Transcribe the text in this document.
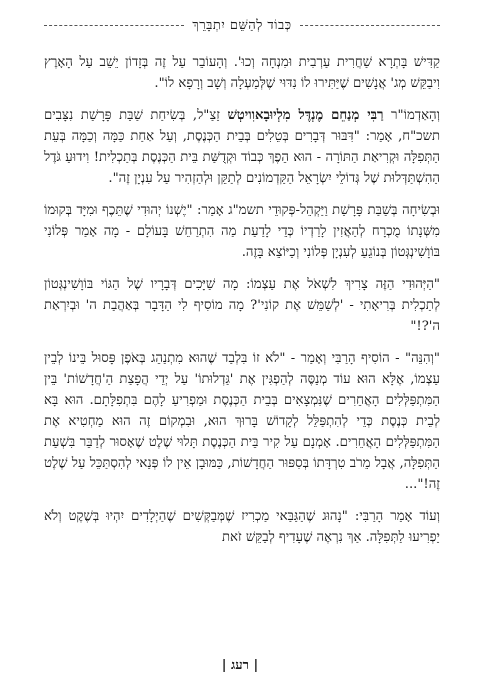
כְּבוֹד לְהַשֵּׁם יִתְבָּרֵךְ

קַדִּישׁ בָּתְרָא שַׁחֲרִית עַרְבִית וּמִנְחָה וְכוּ'. וְהָעוֹבֵר עַל זֶה בְּזָדוֹן יֵשֵׁב עַל הָאָרֶץ וִיבַקֵּשׁ מְג' אֲנָשִׁים שֶׁיַּתִּירוּ לוֹ נִדּוּי שֶׁלְּמַעְלָה וְשָׁב וְרָפָא לוֹ".

וְהָאַדְמוֹ"ר רַבִּי מְנַחֵם מֶנְדֶּל מִלְיוּבָאוִויטְשׁ זַצַ"ל, בְּשִׂיחַת שַׁבַּת פָּרָשַׁת נִצָּבִים תשכ"ח, אָמַר: "דִּבּוּר דְּבָרִים בְּטֵלִים בְּבֵית הַכְּנֶסֶת, וְעַל אַחַת כַּמָּה וְכַמָּה בְּעֵת הַתְּפִלָּה וּקְרִיאַת הַתּוֹרָה - הוּא הֵפֶךְ כְּבוֹד וּקְדֻשַּׁת בֵּית הַכְּנֶסֶת בְּתַכְלִית! וִידוּעַ גֹּדֶל הַהִשְׁתַּדְּלוּת שֶׁל גְּדוֹלֵי יִשְׂרָאֵל הַקַּדְמוֹנִים לְתַקֵּן וּלְהַזְהִיר עַל עִנְיָן זֶה".

וּבְשִׂיחָה בְּשַׁבַּת פָּרָשַׁת וַיַּקְהֵל-פְּקוּדֵי תשמ"ג אָמַר: "יֶשְׁנוֹ יְהוּדִי שֶׁתֵּכֶף וּמִיָּד בְּקוּמוֹ מִשְּׁנָתוֹ מֻכְרָח לְהַאֲזִין לָרַדְיוֹ כְּדֵי לָדַעַת מַה הִתְרַחֵשׁ בָּעוֹלָם - מָה אָמַר פְּלוֹנִי בּוֹוָשִׁינְגְּטוֹן בְּנוֹגֵעַ לְעִנְיָן פְּלוֹנִי וְכַיּוֹצֵא בָּזֶה.

"הַיְּהוּדִי הַזֶּה צָרִיךְ לִשְׁאֹל אֶת עַצְמוֹ: מָה שַׁיָּכִים דְּבָרָיו שֶׁל הַגּוֹי בּוֹוָשִׁינְגְּטוֹן לְתַכְלִית בְּרִיאָתִי - 'לְשַׁמֵּשׁ אֶת קוֹנִי'? מָה מוֹסִיף לִי הַדָּבָר בְּאַהֲבַת ה' וּבְיִרְאַת ה'?!"

"וְהִנֵּה" - הוֹסִיף הָרַבִּי וְאָמַר - "לֹא זוֹ בִּלְבַד שֶׁהוּא מִתְנַהֵג בְּאֹפֶן פָּסוּל בֵּינוֹ לְבֵין עַצְמוֹ, אֶלָּא הוּא עוֹד מְנַסֶּה לְהַפְגִּין אֶת 'גַּדְלוּתוֹ' עַל יְדֵי הֲפָצַת הַ'חֲדָשׁוֹת' בֵּין הַמִּתְפַּלְּלִים הָאֲחֵרִים שֶׁנִּמְצָאִים בְּבֵית הַכְּנֶסֶת וּמַפְרִיעַ לָהֶם בִּתְפִלָּתָם. הוּא בָּא לְבֵית כְּנֶסֶת כְּדֵי לְהִתְפַּלֵּל לְקָדוֹשׁ בָּרוּךְ הוּא, וּבִמְקוֹם זֶה הוּא מַחְטִיא אֶת הַמִּתְפַּלְּלִים הָאֲחֵרִים. אָמְנָם עַל קִיר בֵּית הַכְּנֶסֶת תָּלוּי שֶׁלֶט שֶׁאָסוּר לְדַבֵּר בִּשְׁעַת הַתְּפִלָּה, אֲבָל מֵרֹב טִרְדָּתוֹ בְּסִפּוּר הַחֲדָשׁוֹת, כַּמּוּבָן אֵין לוֹ פְּנַאי לְהִסְתַּכֵּל עַל שֶׁלֶט זֶה!"...

וְעוֹד אָמַר הָרַבִּי: "נָהוּג שֶׁהַגַּבַּאי מַכְרִיז שֶׁמְּבַקְּשִׁים שֶׁהַיְלָדִים יִהְיוּ בְּשֶׁקֶט וְלֹא יַפְרִיעוּ לַתְּפִלָּה. אַךְ נִרְאֶה שֶׁעָדִיף לְבַקֵּשׁ זֹאת

| רעג |
